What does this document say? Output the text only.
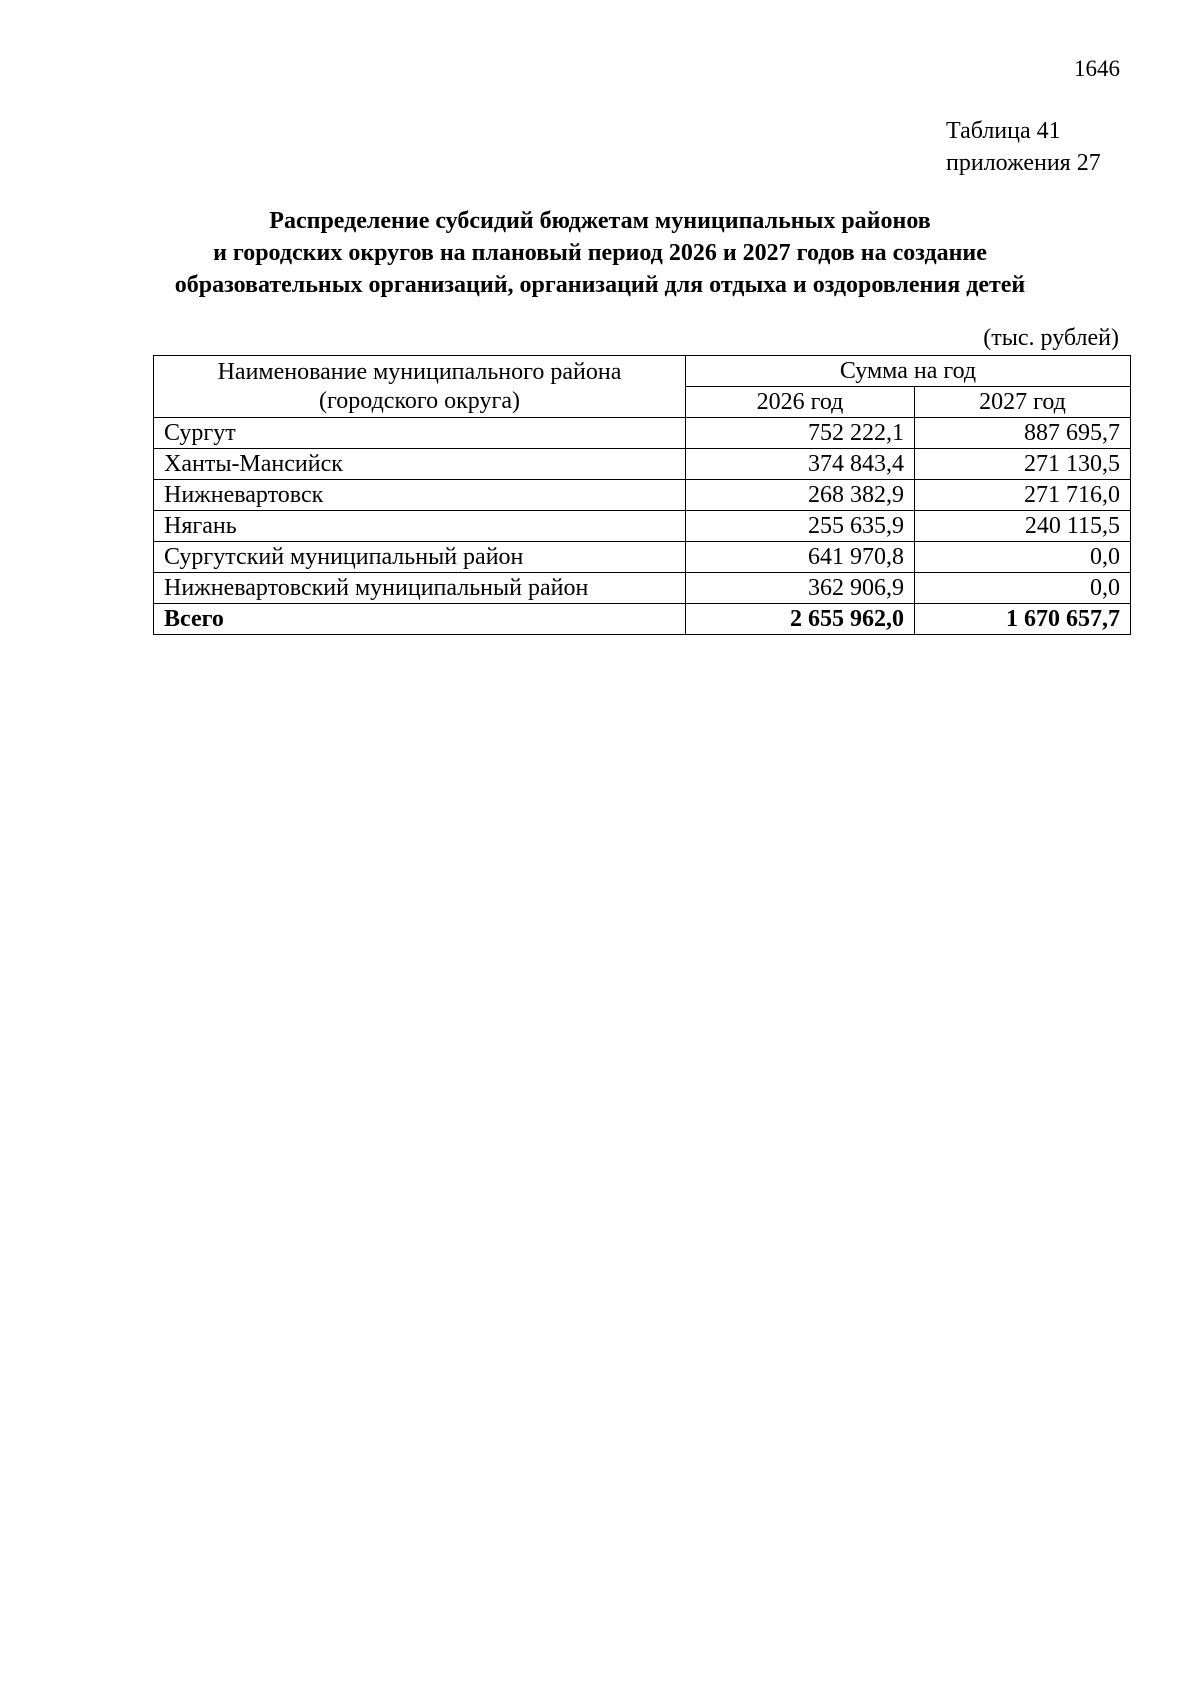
1646
Таблица 41
приложения 27
Распределение субсидий бюджетам муниципальных районов
и городских округов на плановый период 2026 и 2027 годов на создание
образовательных организаций, организаций для отдыха и оздоровления детей
(тыс. рублей)
Наименование муниципального района
(городского округа)	Сумма на год	
	2026 год	2027 год
Сургут	752 222,1	887 695,7
Ханты-Мансийск	374 843,4	271 130,5
Нижневартовск	268 382,9	271 716,0
Нягань	255 635,9	240 115,5
Сургутский муниципальный район	641 970,8	0,0
Нижневартовский муниципальный район	362 906,9	0,0
Всего	2 655 962,0	1 670 657,7
